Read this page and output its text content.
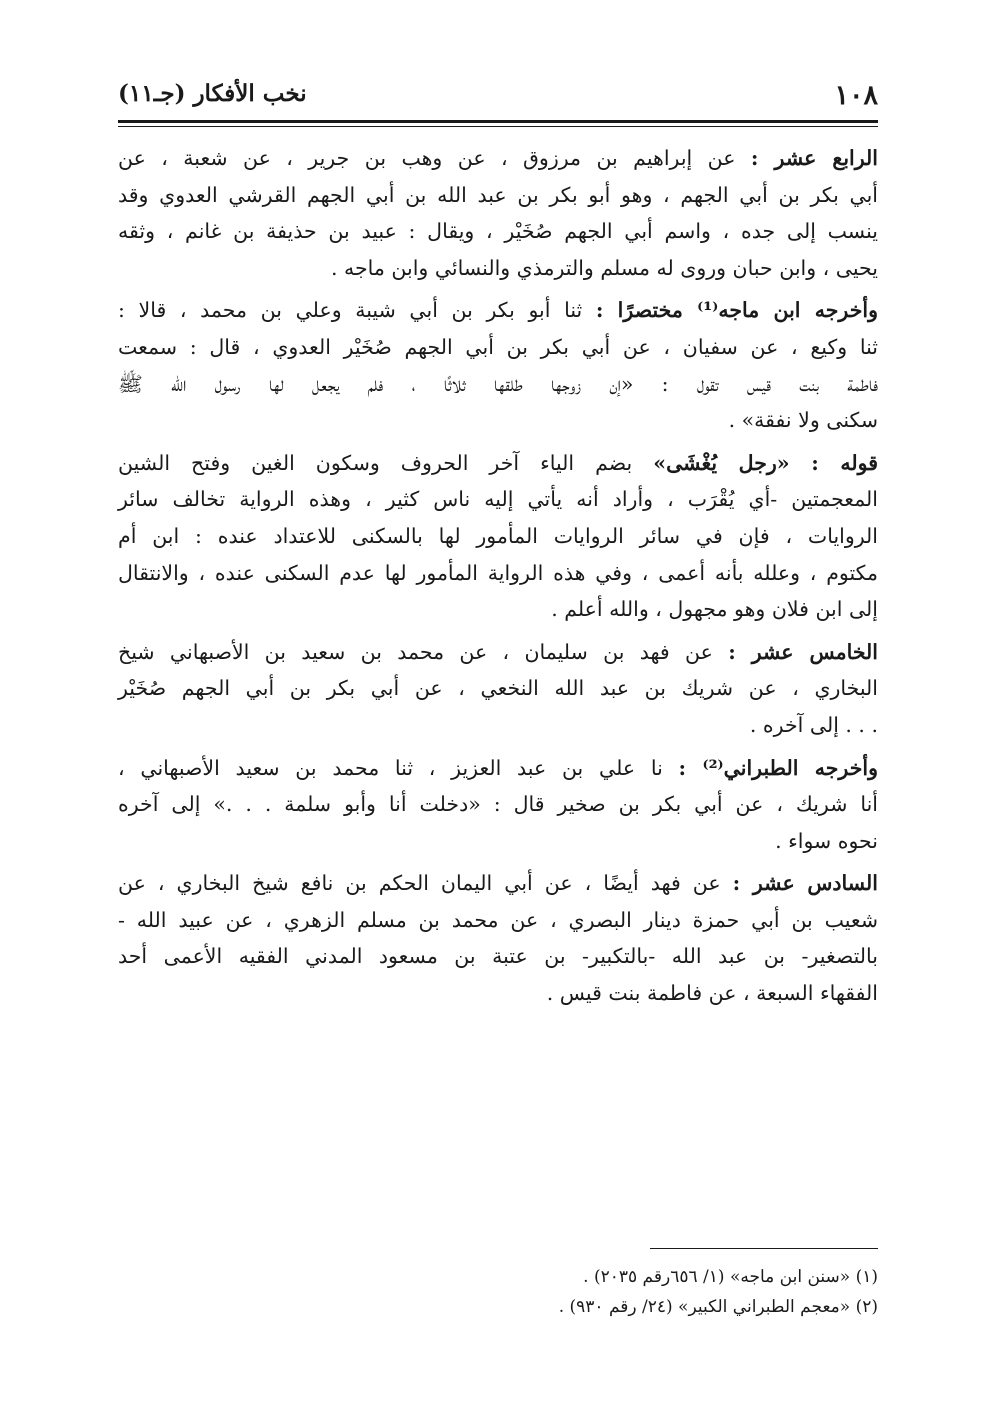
١٠٨
نخب الأفكار (جـ١١)
الرابع عشر : عن إبراهيم بن مرزوق ، عن وهب بن جرير ، عن شعبة ، عن
أبي بكر بن أبي الجهم ، وهو أبو بكر بن عبد الله بن أبي الجهم القرشي العدوي وقد
ينسب إلى جده ، واسم أبي الجهم صُخَيْر ، ويقال : عبيد بن حذيفة بن غانم ، وثقه
يحيى ، وابن حبان وروى له مسلم والترمذي والنسائي وابن ماجه .
وأخرجه ابن ماجه⁽¹⁾ مختصرًا : ثنا أبو بكر بن أبي شيبة وعلي بن محمد ، قالا :
ثنا وكيع ، عن سفيان ، عن أبي بكر بن أبي الجهم صُخَيْر العدوي ، قال : سمعت
فاطمة بنت قيس تقول : «إن زوجها طلقها ثلاثًا ، فلم يجعل لها رسول الله ﷺ
سكنى ولا نفقة» .
قوله : «رجل يُغْشَى» بضم الياء آخر الحروف وسكون الغين وفتح الشين
المعجمتين -أي يُقْرَب ، وأراد أنه يأتي إليه ناس كثير ، وهذه الرواية تخالف سائر
الروايات ، فإن في سائر الروايات المأمور لها بالسكنى للاعتداد عنده : ابن أم
مكتوم ، وعلله بأنه أعمى ، وفي هذه الرواية المأمور لها عدم السكنى عنده ، والانتقال
إلى ابن فلان وهو مجهول ، والله أعلم .
الخامس عشر : عن فهد بن سليمان ، عن محمد بن سعيد بن الأصبهاني شيخ
البخاري ، عن شريك بن عبد الله النخعي ، عن أبي بكر بن أبي الجهم صُخَيْر
. . . إلى آخره .
وأخرجه الطبراني⁽²⁾ : نا علي بن عبد العزيز ، ثنا محمد بن سعيد الأصبهاني ،
أنا شريك ، عن أبي بكر بن صخير قال : «دخلت أنا وأبو سلمة . . .» إلى آخره
نحوه سواء .
السادس عشر : عن فهد أيضًا ، عن أبي اليمان الحكم بن نافع شيخ البخاري ، عن
شعيب بن أبي حمزة دينار البصري ، عن محمد بن مسلم الزهري ، عن عبيد الله -
بالتصغير- بن عبد الله -بالتكبير- بن عتبة بن مسعود المدني الفقيه الأعمى أحد
الفقهاء السبعة ، عن فاطمة بنت قيس .
(١) «سنن ابن ماجه» (١/ ٦٥٦رقم ٢٠٣٥) .
(٢) «معجم الطبراني الكبير» (٢٤/ رقم ٩٣٠) .
